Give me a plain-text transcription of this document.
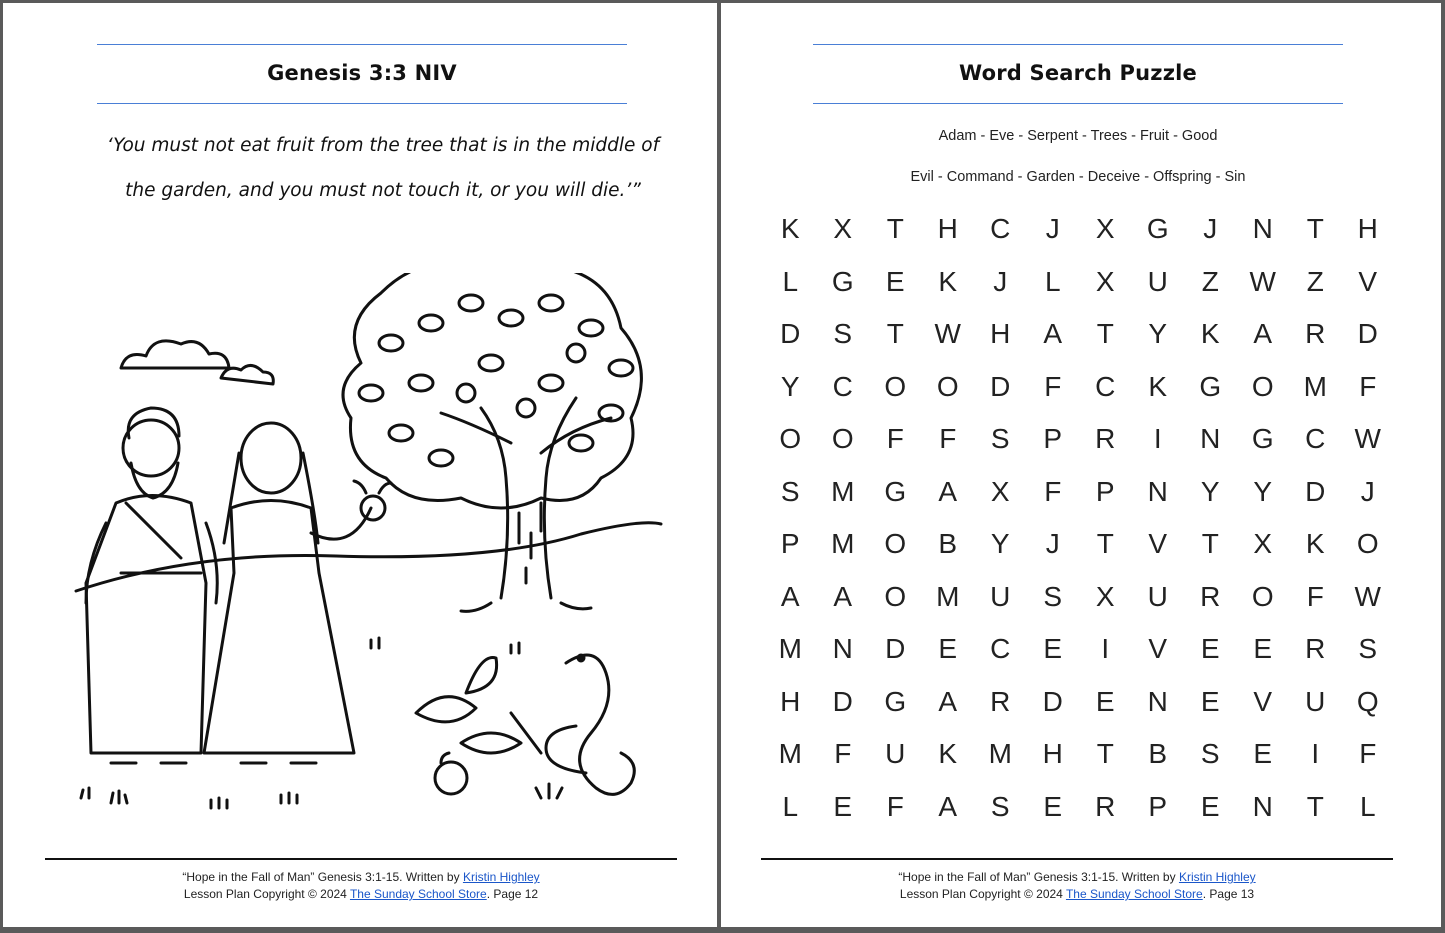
Genesis 3:3 NIV
‘You must not eat fruit from the tree that is in the middle of
the garden, and you must not touch it, or you will die.’”
“Hope in the Fall of Man” Genesis 3:1-15. Written by Kristin Highley
Lesson Plan Copyright © 2024 The Sunday School Store. Page 12
Word Search Puzzle
Adam - Eve - Serpent - Trees - Fruit - Good
Evil - Command - Garden - Deceive - Offspring - Sin
K	X	T	H	C	J	X	G	J	N	T	H
L	G	E	K	J	L	X	U	Z	W	Z	V
D	S	T	W	H	A	T	Y	K	A	R	D
Y	C	O	O	D	F	C	K	G	O	M	F
O	O	F	F	S	P	R	I	N	G	C	W
S	M	G	A	X	F	P	N	Y	Y	D	J
P	M	O	B	Y	J	T	V	T	X	K	O
A	A	O	M	U	S	X	U	R	O	F	W
M	N	D	E	C	E	I	V	E	E	R	S
H	D	G	A	R	D	E	N	E	V	U	Q
M	F	U	K	M	H	T	B	S	E	I	F
L	E	F	A	S	E	R	P	E	N	T	L
“Hope in the Fall of Man” Genesis 3:1-15. Written by Kristin Highley
Lesson Plan Copyright © 2024 The Sunday School Store. Page 13
